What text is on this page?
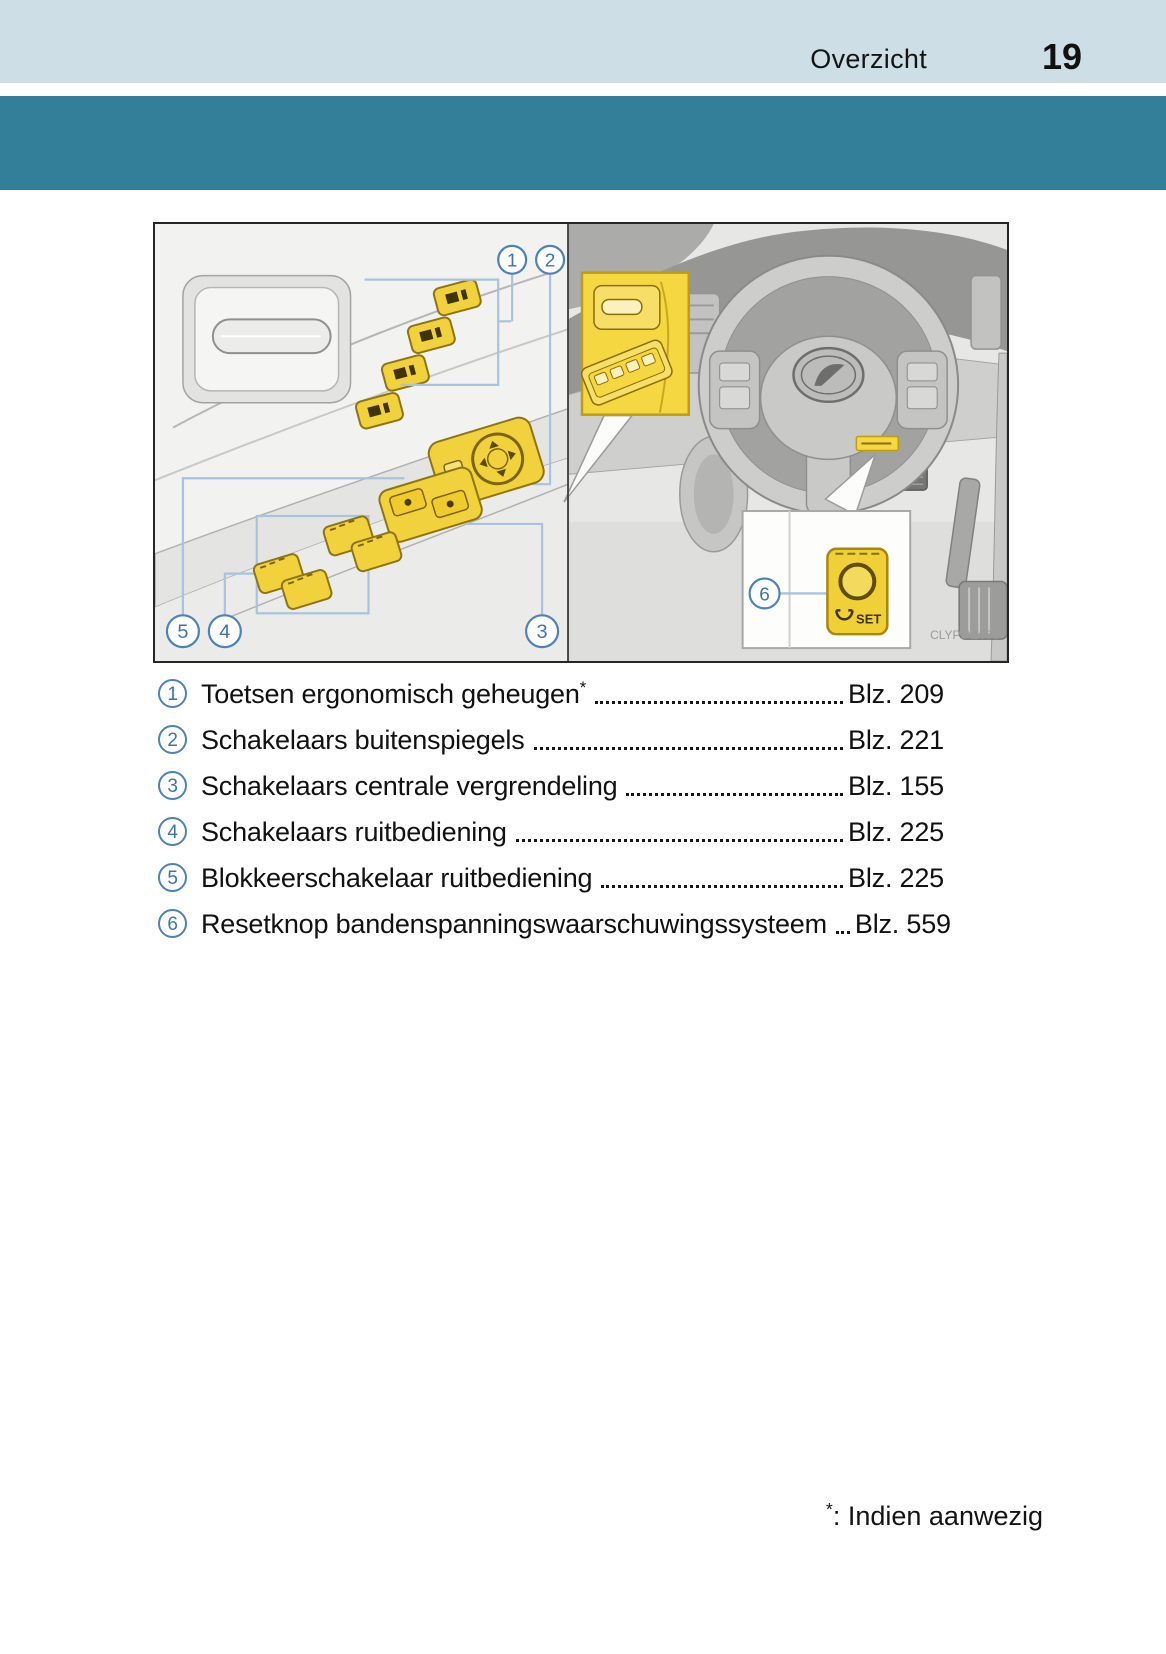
Overzicht	19
SET
1 2
3
4
5
6
CLYPIAZ098
1 Toetsen ergonomisch geheugen*	Blz. 209
2 Schakelaars buitenspiegels	Blz. 221
3 Schakelaars centrale vergrendeling	Blz. 155
4 Schakelaars ruitbediening	Blz. 225
5 Blokkeerschakelaar ruitbediening	Blz. 225
6 Resetknop bandenspanningswaarschuwingssysteem Blz. 559
*: Indien aanwezig
